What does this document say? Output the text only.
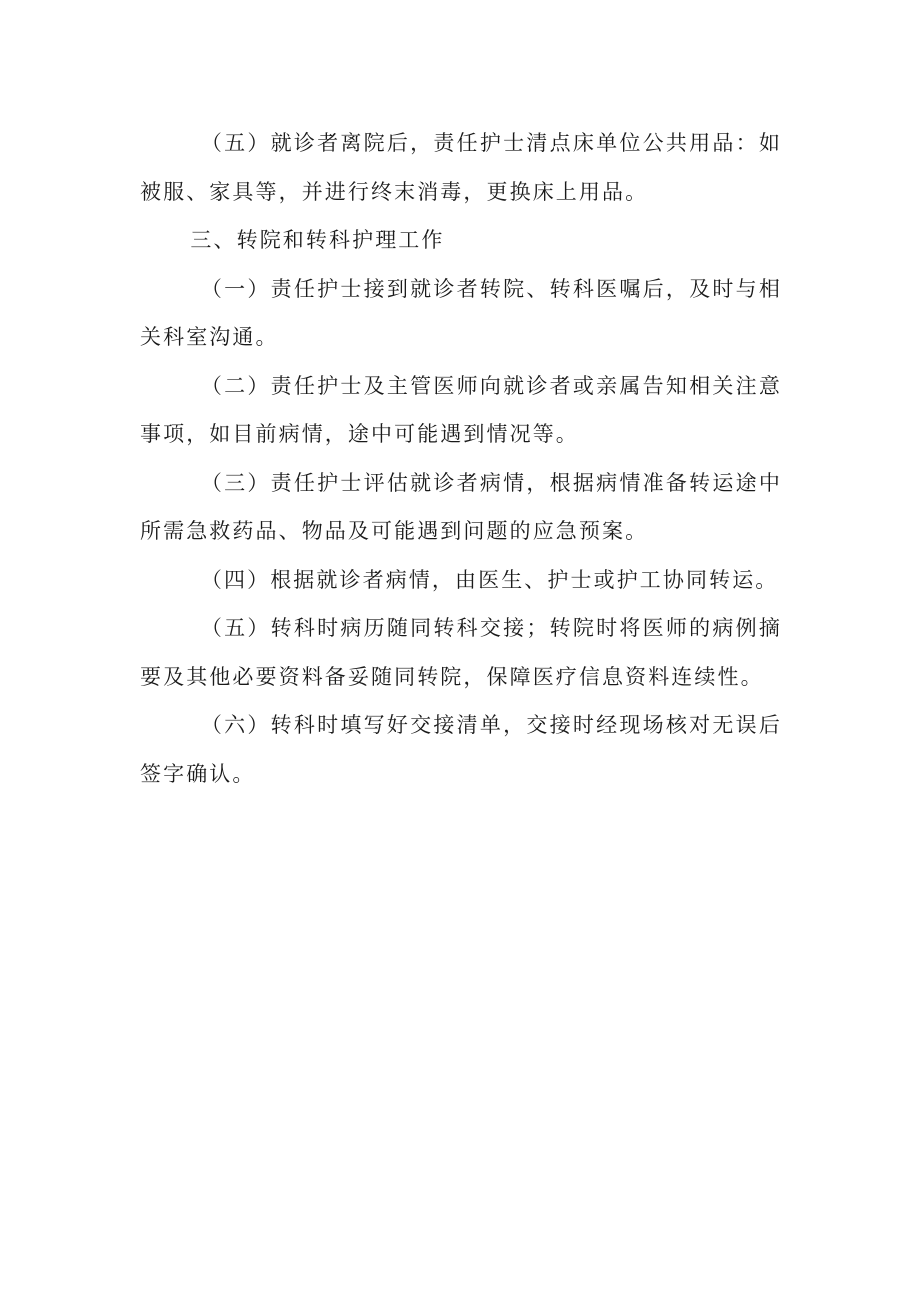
（五）就诊者离院后，责任护士清点床单位公共用品：如被服、家具等，并进行终末消毒，更换床上用品。

三、转院和转科护理工作

（一）责任护士接到就诊者转院、转科医嘱后，及时与相关科室沟通。

（二）责任护士及主管医师向就诊者或亲属告知相关注意事项，如目前病情，途中可能遇到情况等。

（三）责任护士评估就诊者病情，根据病情准备转运途中所需急救药品、物品及可能遇到问题的应急预案。

（四）根据就诊者病情，由医生、护士或护工协同转运。

（五）转科时病历随同转科交接；转院时将医师的病例摘要及其他必要资料备妥随同转院，保障医疗信息资料连续性。

（六）转科时填写好交接清单，交接时经现场核对无误后签字确认。
